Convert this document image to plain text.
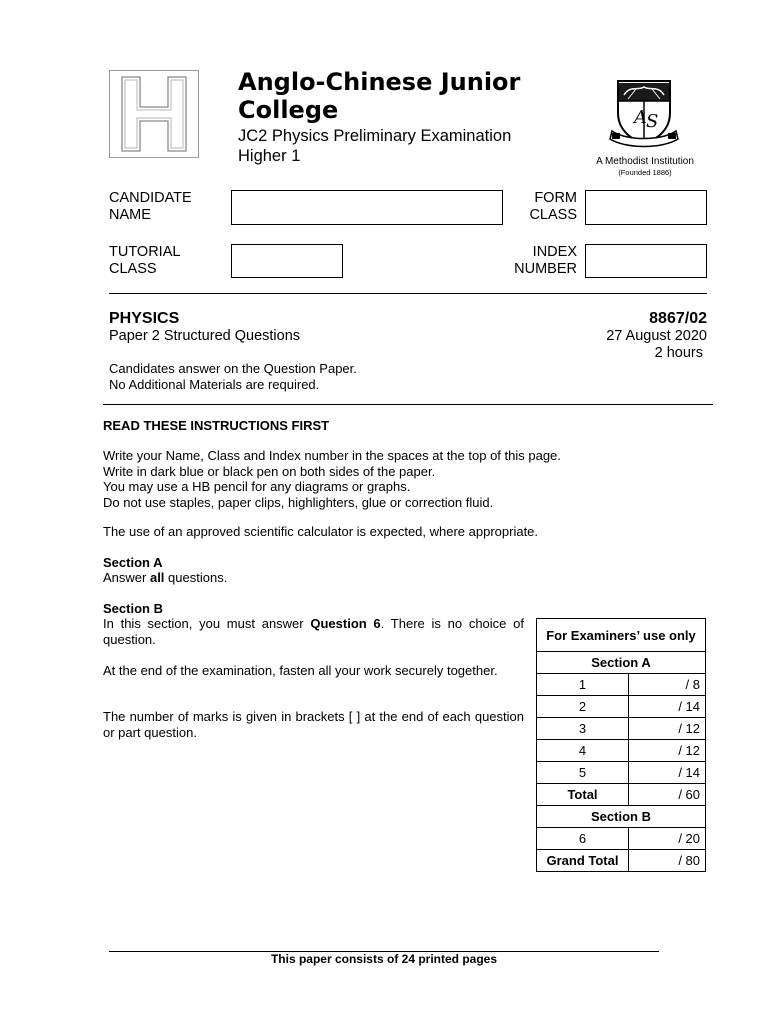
Anglo-Chinese Junior College
JC2 Physics Preliminary Examination
Higher 1
A S
A Methodist Institution
(Founded 1886)
CANDIDATE
NAME
FORM
CLASS
TUTORIAL
CLASS
INDEX
NUMBER
PHYSICS	8867/02
Paper 2 Structured Questions	27 August 2020
2 hours
Candidates answer on the Question Paper.
No Additional Materials are required.
READ THESE INSTRUCTIONS FIRST
Write your Name, Class and Index number in the spaces at the top of this page.
Write in dark blue or black pen on both sides of the paper.
You may use a HB pencil for any diagrams or graphs.
Do not use staples, paper clips, highlighters, glue or correction fluid.
The use of an approved scientific calculator is expected, where appropriate.
Section A
Answer all questions.
Section B
In this section, you must answer Question 6. There is no choice of question.
At the end of the examination, fasten all your work securely together.
The number of marks is given in brackets [ ] at the end of each question or part question.
For Examiners’ use only	
Section A	
1	/ 8
2	/ 14
3	/ 12
4	/ 12
5	/ 14
Total	/ 60
Section B	
6	/ 20
Grand Total	/ 80
This paper consists of 24 printed pages
